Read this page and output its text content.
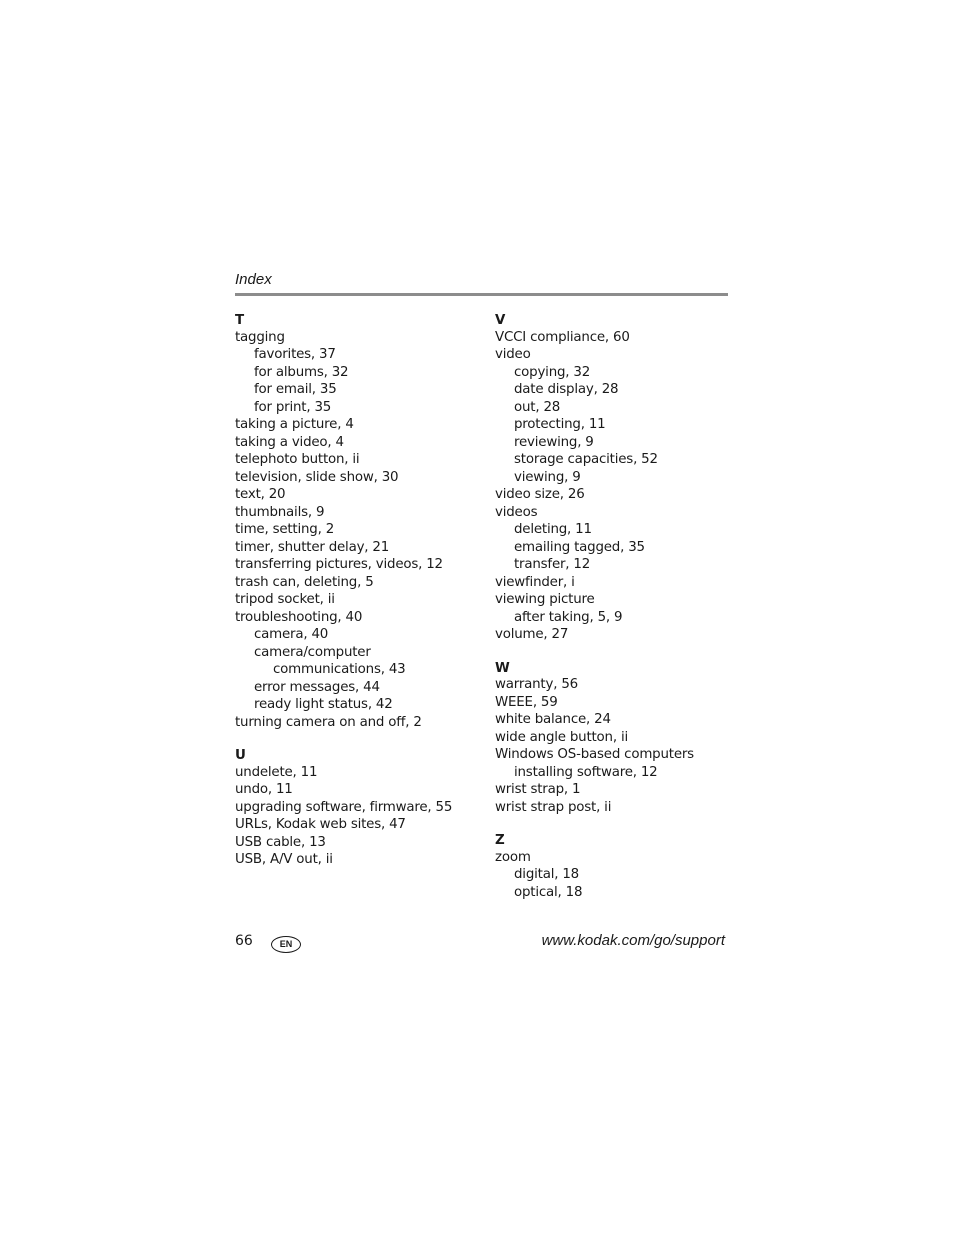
Index
T
tagging
favorites, 37
for albums, 32
for email, 35
for print, 35
taking a picture, 4
taking a video, 4
telephoto button, ii
television, slide show, 30
text, 20
thumbnails, 9
time, setting, 2
timer, shutter delay, 21
transferring pictures, videos, 12
trash can, deleting, 5
tripod socket, ii
troubleshooting, 40
camera, 40
camera/computer
communications, 43
error messages, 44
ready light status, 42
turning camera on and off, 2
U
undelete, 11
undo, 11
upgrading software, firmware, 55
URLs, Kodak web sites, 47
USB cable, 13
USB, A/V out, ii
V
VCCI compliance, 60
video
copying, 32
date display, 28
out, 28
protecting, 11
reviewing, 9
storage capacities, 52
viewing, 9
video size, 26
videos
deleting, 11
emailing tagged, 35
transfer, 12
viewfinder, i
viewing picture
after taking, 5, 9
volume, 27
W
warranty, 56
WEEE, 59
white balance, 24
wide angle button, ii
Windows OS-based computers
installing software, 12
wrist strap, 1
wrist strap post, ii
Z
zoom
digital, 18
optical, 18
66	EN	www.kodak.com/go/support
